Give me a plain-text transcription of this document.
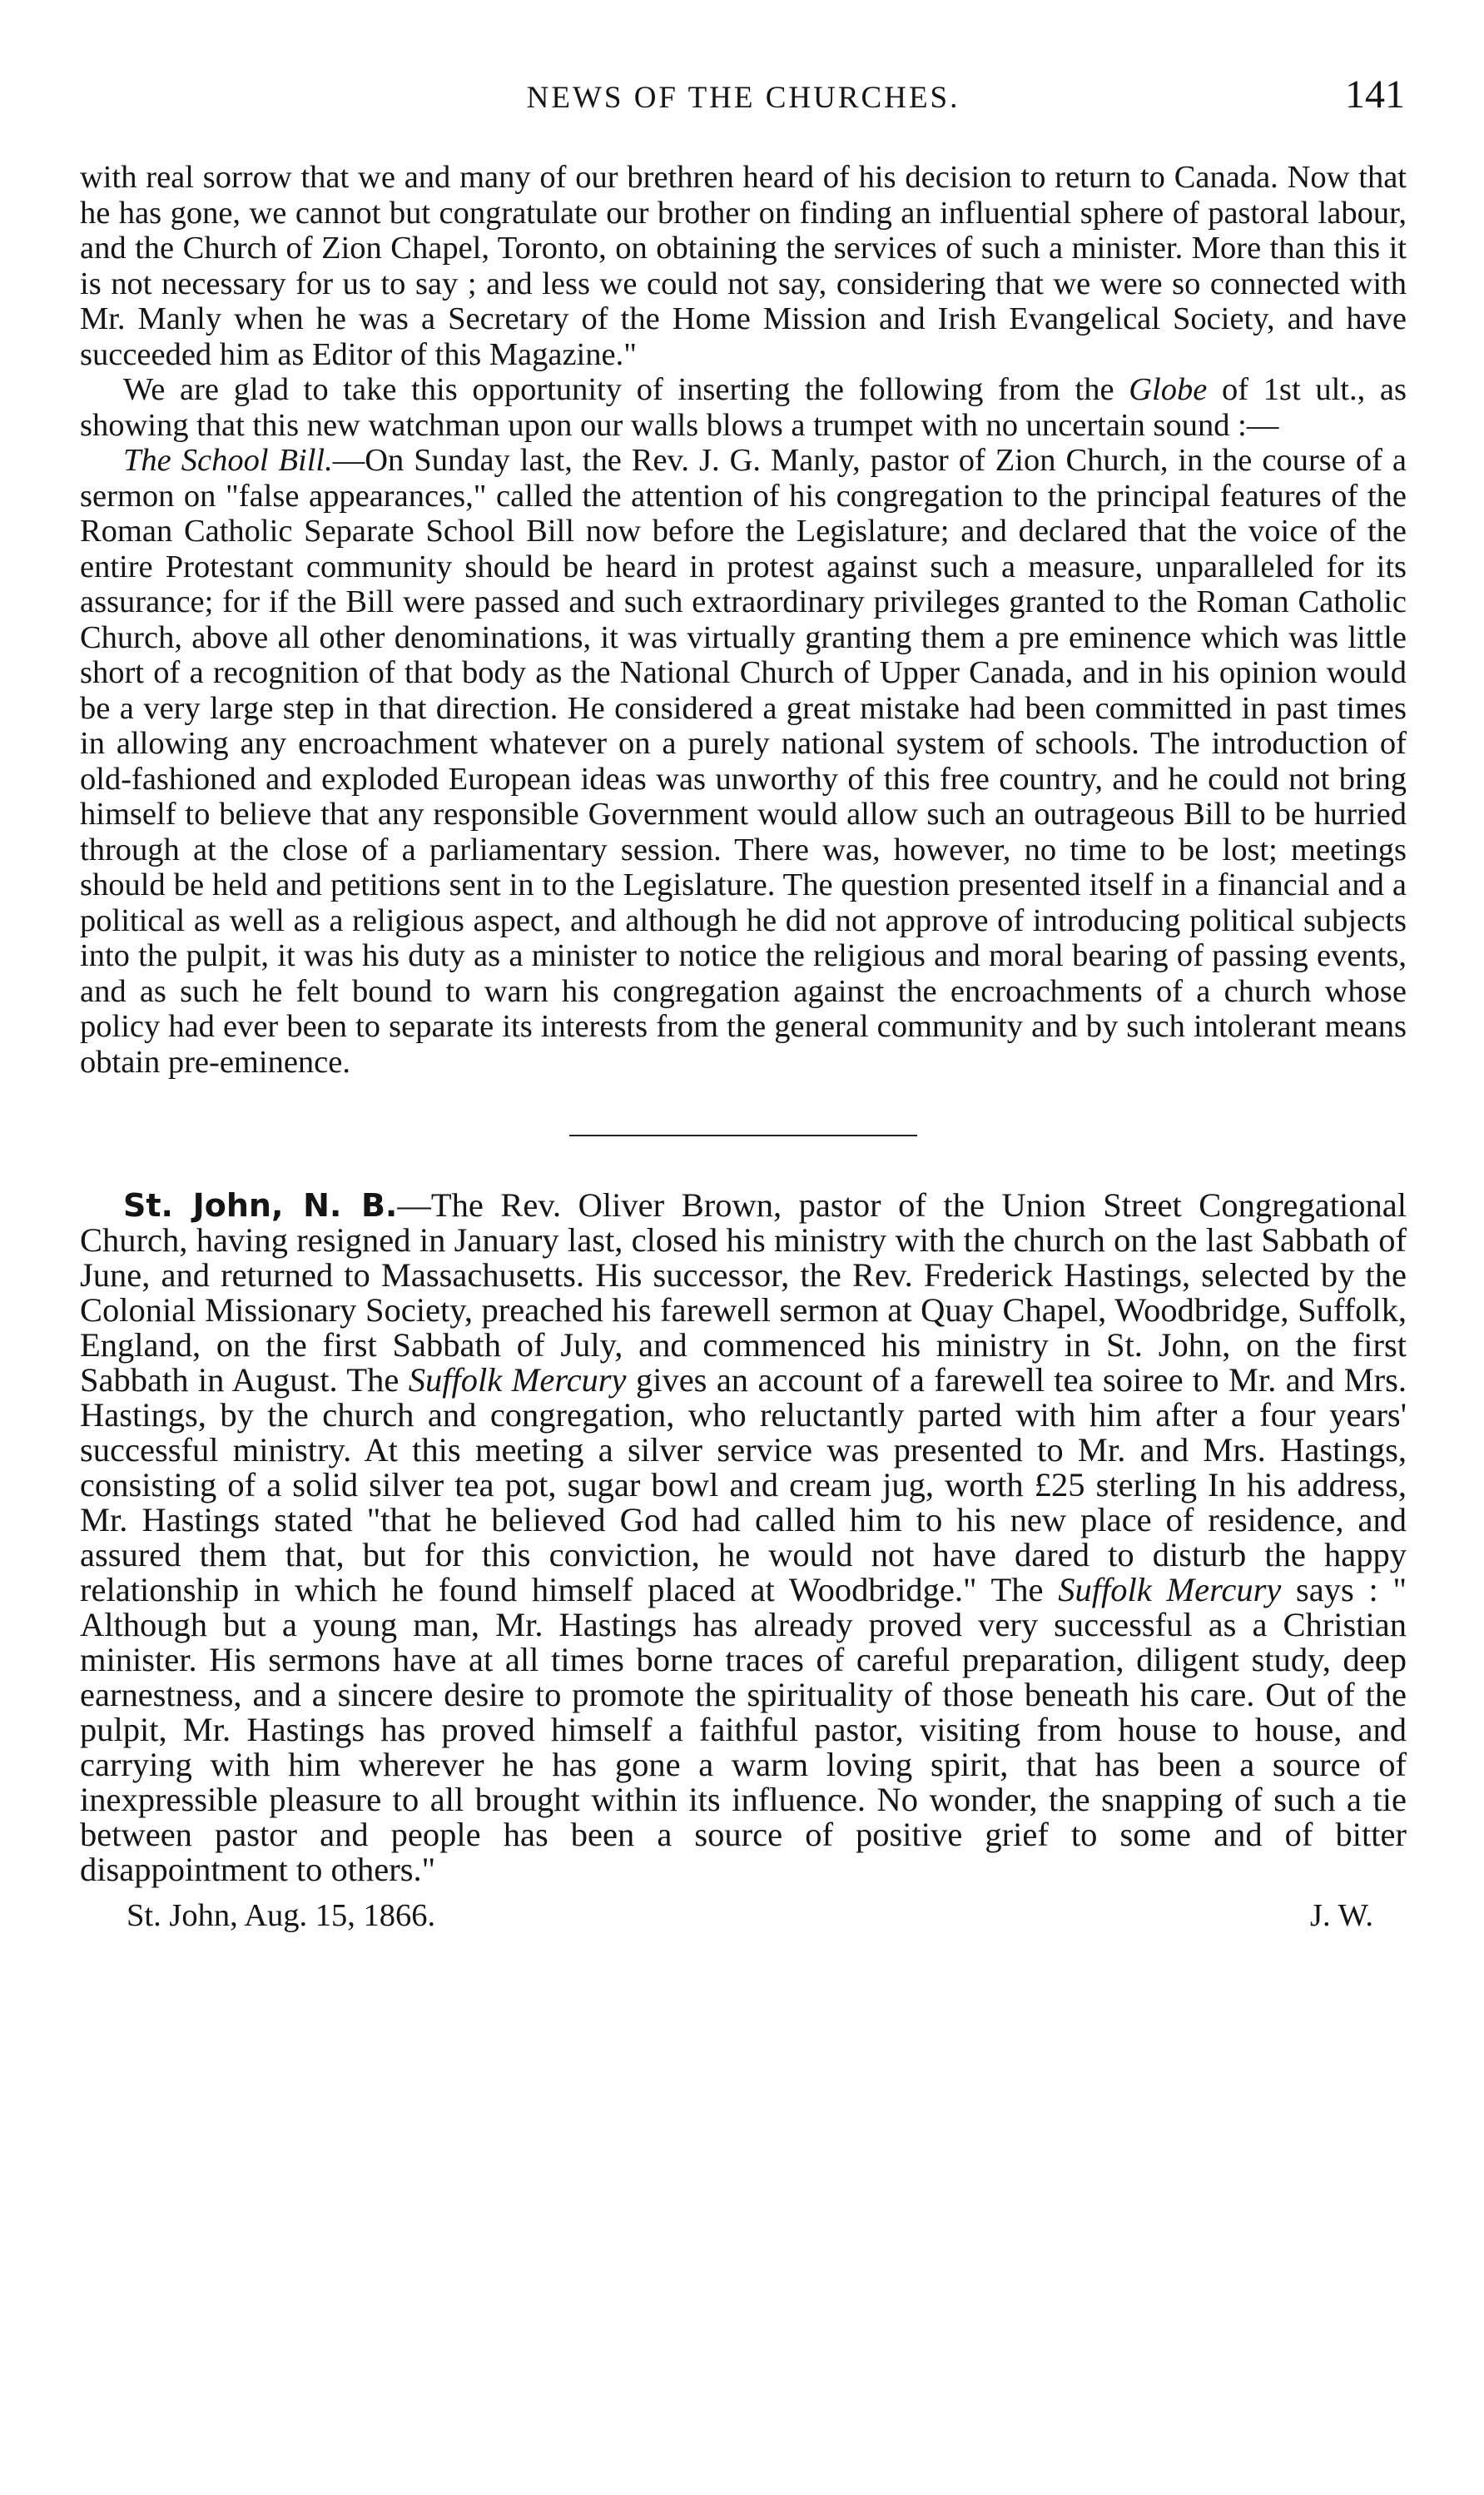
NEWS OF THE CHURCHES.	141

with real sorrow that we and many of our brethren heard of his decision to return to Canada. Now that he has gone, we cannot but congratulate our brother on finding an influential sphere of pastoral labour, and the Church of Zion Chapel, Toronto, on obtaining the services of such a minister. More than this it is not necessary for us to say ; and less we could not say, considering that we were so connected with Mr. Manly when he was a Secretary of the Home Mission and Irish Evangelical Society, and have succeeded him as Editor of this Magazine."

We are glad to take this opportunity of inserting the following from the Globe of 1st ult., as showing that this new watchman upon our walls blows a trumpet with no uncertain sound :—

The School Bill.—On Sunday last, the Rev. J. G. Manly, pastor of Zion Church, in the course of a sermon on "false appearances," called the attention of his congregation to the principal features of the Roman Catholic Separate School Bill now before the Legislature; and declared that the voice of the entire Protestant community should be heard in protest against such a measure, unparalleled for its assurance; for if the Bill were passed and such extraordinary privileges granted to the Roman Catholic Church, above all other denominations, it was virtually granting them a pre eminence which was little short of a recognition of that body as the National Church of Upper Canada, and in his opinion would be a very large step in that direction. He considered a great mistake had been committed in past times in allowing any encroachment whatever on a purely national system of schools. The introduction of old-fashioned and exploded European ideas was unworthy of this free country, and he could not bring himself to believe that any responsible Government would allow such an outrageous Bill to be hurried through at the close of a parliamentary session. There was, however, no time to be lost; meetings should be held and petitions sent in to the Legislature. The question presented itself in a financial and a political as well as a religious aspect, and although he did not approve of introducing political subjects into the pulpit, it was his duty as a minister to notice the religious and moral bearing of passing events, and as such he felt bound to warn his congregation against the encroachments of a church whose policy had ever been to separate its interests from the general community and by such intolerant means obtain pre-eminence.

St. John, N. B.—The Rev. Oliver Brown, pastor of the Union Street Congregational Church, having resigned in January last, closed his ministry with the church on the last Sabbath of June, and returned to Massachusetts. His successor, the Rev. Frederick Hastings, selected by the Colonial Missionary Society, preached his farewell sermon at Quay Chapel, Woodbridge, Suffolk, England, on the first Sabbath of July, and commenced his ministry in St. John, on the first Sabbath in August. The Suffolk Mercury gives an account of a farewell tea soiree to Mr. and Mrs. Hastings, by the church and congregation, who reluctantly parted with him after a four years' successful ministry. At this meeting a silver service was presented to Mr. and Mrs. Hastings, consisting of a solid silver tea pot, sugar bowl and cream jug, worth £25 sterling In his address, Mr. Hastings stated "that he believed God had called him to his new place of residence, and assured them that, but for this conviction, he would not have dared to disturb the happy relationship in which he found himself placed at Woodbridge." The Suffolk Mercury says : " Although but a young man, Mr. Hastings has already proved very successful as a Christian minister. His sermons have at all times borne traces of careful preparation, diligent study, deep earnestness, and a sincere desire to promote the spirituality of those beneath his care. Out of the pulpit, Mr. Hastings has proved himself a faithful pastor, visiting from house to house, and carrying with him wherever he has gone a warm loving spirit, that has been a source of inexpressible pleasure to all brought within its influence. No wonder, the snapping of such a tie between pastor and people has been a source of positive grief to some and of bitter disappointment to others."

St. John, Aug. 15, 1866.	J. W.
